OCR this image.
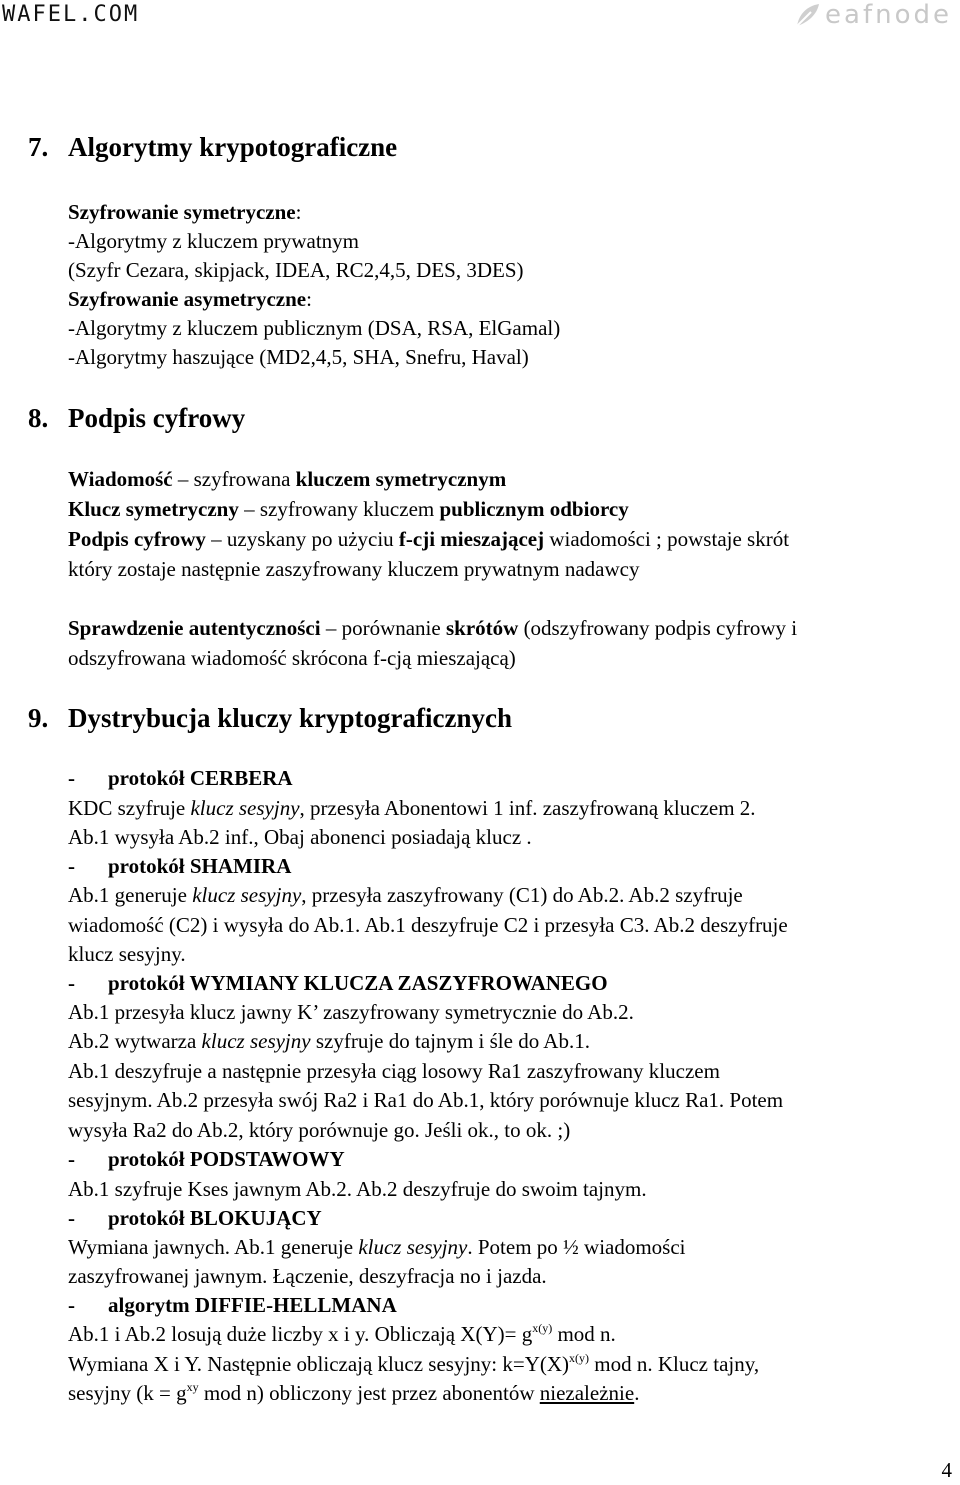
WAFEL.COM	eafnode
7. Algorytmy krypotograficzne
Szyfrowanie symetryczne:
-Algorytmy z kluczem prywatnym
(Szyfr Cezara, skipjack, IDEA, RC2,4,5, DES, 3DES)
Szyfrowanie asymetryczne:
-Algorytmy z kluczem publicznym (DSA, RSA, ElGamal)
-Algorytmy haszujące (MD2,4,5, SHA, Snefru, Haval)
8. Podpis cyfrowy
Wiadomość – szyfrowana kluczem symetrycznym
Klucz symetryczny – szyfrowany kluczem publicznym odbiorcy
Podpis cyfrowy – uzyskany po użyciu f-cji mieszającej wiadomości ; powstaje skrót
który zostaje następnie zaszyfrowany kluczem prywatnym nadawcy
Sprawdzenie autentyczności – porównanie skrótów (odszyfrowany podpis cyfrowy i
odszyfrowana wiadomość skrócona f-cją mieszającą)
9. Dystrybucja kluczy kryptograficznych
- protokół CERBERA
KDC szyfruje klucz sesyjny, przesyła Abonentowi 1 inf. zaszyfrowaną kluczem 2.
Ab.1 wysyła Ab.2 inf., Obaj abonenci posiadają klucz .
- protokół SHAMIRA
Ab.1 generuje klucz sesyjny, przesyła zaszyfrowany (C1) do Ab.2. Ab.2 szyfruje
wiadomość (C2) i wysyła do Ab.1. Ab.1 deszyfruje C2 i przesyła C3. Ab.2 deszyfruje
klucz sesyjny.
- protokół WYMIANY KLUCZA ZASZYFROWANEGO
Ab.1 przesyła klucz jawny K’ zaszyfrowany symetrycznie do Ab.2.
Ab.2 wytwarza klucz sesyjny szyfruje do tajnym i śle do Ab.1.
Ab.1 deszyfruje a następnie przesyła ciąg losowy Ra1 zaszyfrowany kluczem
sesyjnym. Ab.2 przesyła swój Ra2 i Ra1 do Ab.1, który porównuje klucz Ra1. Potem
wysyła Ra2 do Ab.2, który porównuje go. Jeśli ok., to ok. ;)
- protokół PODSTAWOWY
Ab.1 szyfruje Kses jawnym Ab.2. Ab.2 deszyfruje do swoim tajnym.
- protokół BLOKUJĄCY
Wymiana jawnych. Ab.1 generuje klucz sesyjny. Potem po ½ wiadomości
zaszyfrowanej jawnym. Łączenie, deszyfracja no i jazda.
- algorytm DIFFIE-HELLMANA
Ab.1 i Ab.2 losują duże liczby x i y. Obliczają $X(Y)= g^{x(y)}$ mod n.
Wymiana X i Y. Następnie obliczają klucz sesyjny: $k=Y(X)^{x(y)}$ mod n. Klucz tajny,
sesyjny ($k = g^{xy}$ mod n) obliczony jest przez abonentów niezależnie.
4
